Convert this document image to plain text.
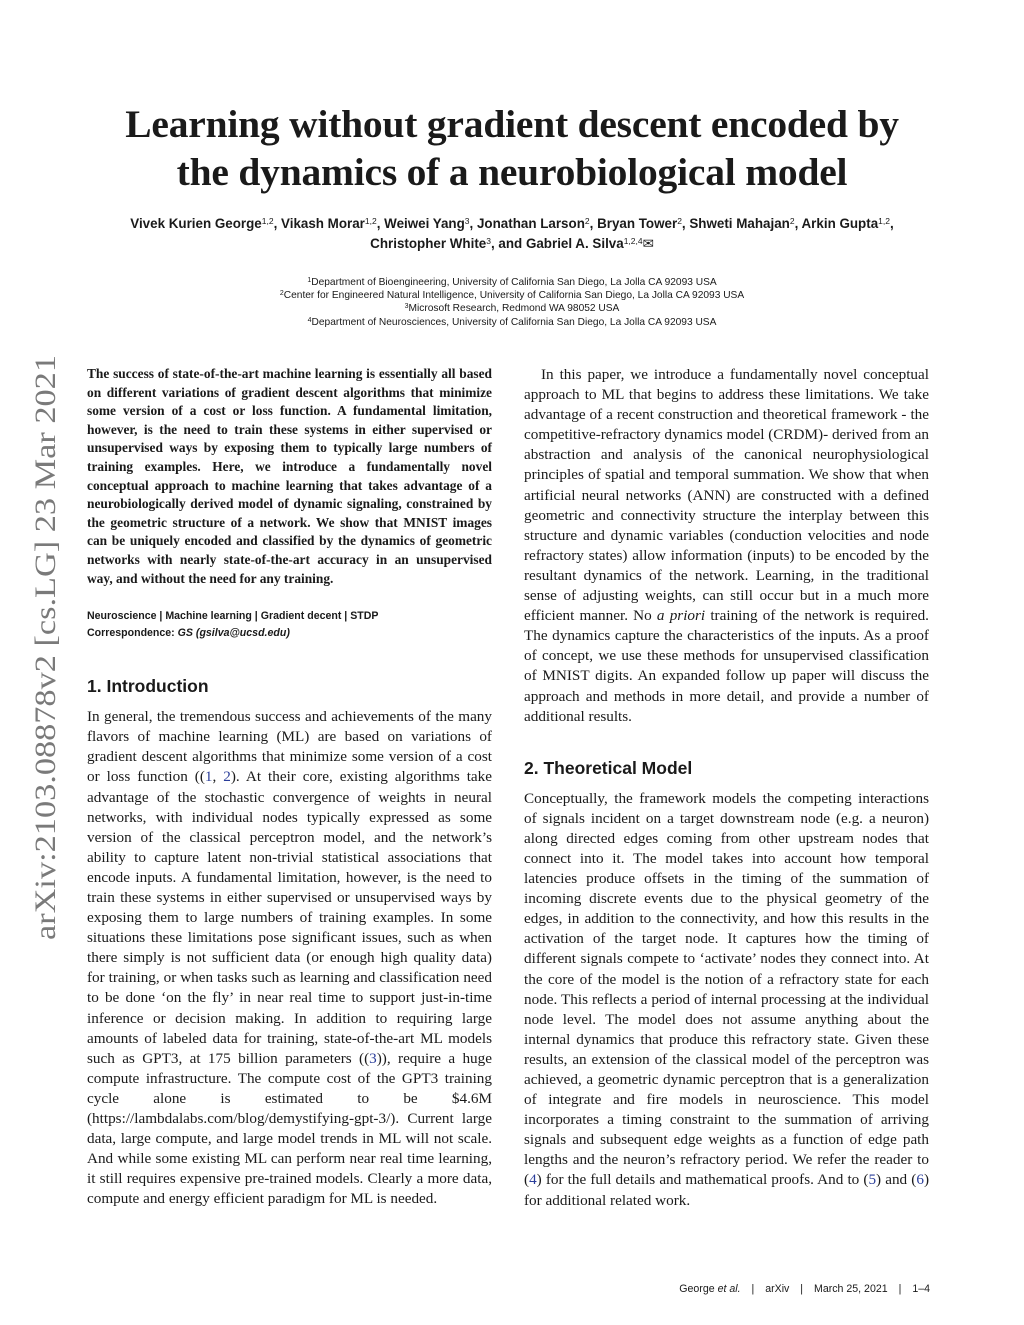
arXiv:2103.08878v2 [cs.LG] 23 Mar 2021
Learning without gradient descent encoded by
the dynamics of a neurobiological model
Vivek Kurien George$^{1,2}$, Vikash Morar$^{1,2}$, Weiwei Yang$^3$, Jonathan Larson$^2$, Bryan Tower$^2$, Shweti Mahajan$^2$, Arkin Gupta$^{1,2}$,
Christopher White$^3$, and Gabriel A. Silva$^{1,2,4}$✉
$^1$Department of Bioengineering, University of California San Diego, La Jolla CA 92093 USA
$^2$Center for Engineered Natural Intelligence, University of California San Diego, La Jolla CA 92093 USA
$^3$Microsoft Research, Redmond WA 98052 USA
$^4$Department of Neurosciences, University of California San Diego, La Jolla CA 92093 USA

The success of state-of-the-art machine learning is essentially all based on different variations of gradient descent algorithms that minimize some version of a cost or loss function. A fundamental limitation, however, is the need to train these systems in either supervised or unsupervised ways by exposing them to typically large numbers of training examples. Here, we introduce a fundamentally novel conceptual approach to machine learning that takes advantage of a neurobiologically derived model of dynamic signaling, constrained by the geometric structure of a network. We show that MNIST images can be uniquely encoded and classified by the dynamics of geometric networks with nearly state-of-the-art accuracy in an unsupervised way, and without the need for any training.

Neuroscience | Machine learning | Gradient decent | STDP
Correspondence: GS (gsilva@ucsd.edu)
1. Introduction

In general, the tremendous success and achievements of the many flavors of machine learning (ML) are based on variations of gradient descent algorithms that minimize some version of a cost or loss function ((1, 2). At their core, existing algorithms take advantage of the stochastic convergence of weights in neural networks, with individual nodes typically expressed as some version of the classical perceptron model, and the network’s ability to capture latent non-trivial statistical associations that encode inputs. A fundamental limitation, however, is the need to train these systems in either supervised or unsupervised ways by exposing them to large numbers of training examples. In some situations these limitations pose significant issues, such as when there simply is not sufficient data (or enough high quality data) for training, or when tasks such as learning and classification need to be done ‘on the fly’ in near real time to support just-in-time inference or decision making. In addition to requiring large amounts of labeled data for training, state-of-the-art ML models such as GPT3, at 175 billion parameters ((3)), require a huge compute infrastructure. The compute cost of the GPT3 training cycle alone is estimated to be $4.6M (https://lambdalabs.com/blog/demystifying-gpt-3/). Current large data, large compute, and large model trends in ML will not scale. And while some existing ML can perform near real time learning, it still requires expensive pre-trained models. Clearly a more data, compute and energy efficient paradigm for ML is needed.

In this paper, we introduce a fundamentally novel conceptual approach to ML that begins to address these limitations. We take advantage of a recent construction and theoretical framework - the competitive-refractory dynamics model (CRDM)- derived from an abstraction and analysis of the canonical neurophysiological principles of spatial and temporal summation. We show that when artificial neural networks (ANN) are constructed with a defined geometric and connectivity structure the interplay between this structure and dynamic variables (conduction velocities and node refractory states) allow information (inputs) to be encoded by the resultant dynamics of the network. Learning, in the traditional sense of adjusting weights, can still occur but in a much more efficient manner. No a priori training of the network is required. The dynamics capture the characteristics of the inputs. As a proof of concept, we use these methods for unsupervised classification of MNIST digits. An expanded follow up paper will discuss the approach and methods in more detail, and provide a number of additional results.

2. Theoretical Model

Conceptually, the framework models the competing interactions of signals incident on a target downstream node (e.g. a neuron) along directed edges coming from other upstream nodes that connect into it. The model takes into account how temporal latencies produce offsets in the timing of the summation of incoming discrete events due to the physical geometry of the edges, in addition to the connectivity, and how this results in the activation of the target node. It captures how the timing of different signals compete to ‘activate’ nodes they connect into. At the core of the model is the notion of a refractory state for each node. This reflects a period of internal processing at the individual node level. The model does not assume anything about the internal dynamics that produce this refractory state. Given these results, an extension of the classical model of the perceptron was achieved, a geometric dynamic perceptron that is a generalization of integrate and fire models in neuroscience. This model incorporates a timing constraint to the summation of arriving signals and subsequent edge weights as a function of edge path lengths and the neuron’s refractory period. We refer the reader to (4) for the full details and mathematical proofs. And to (5) and (6) for additional related work.

George et al. | arXiv | March 25, 2021 | 1–4
